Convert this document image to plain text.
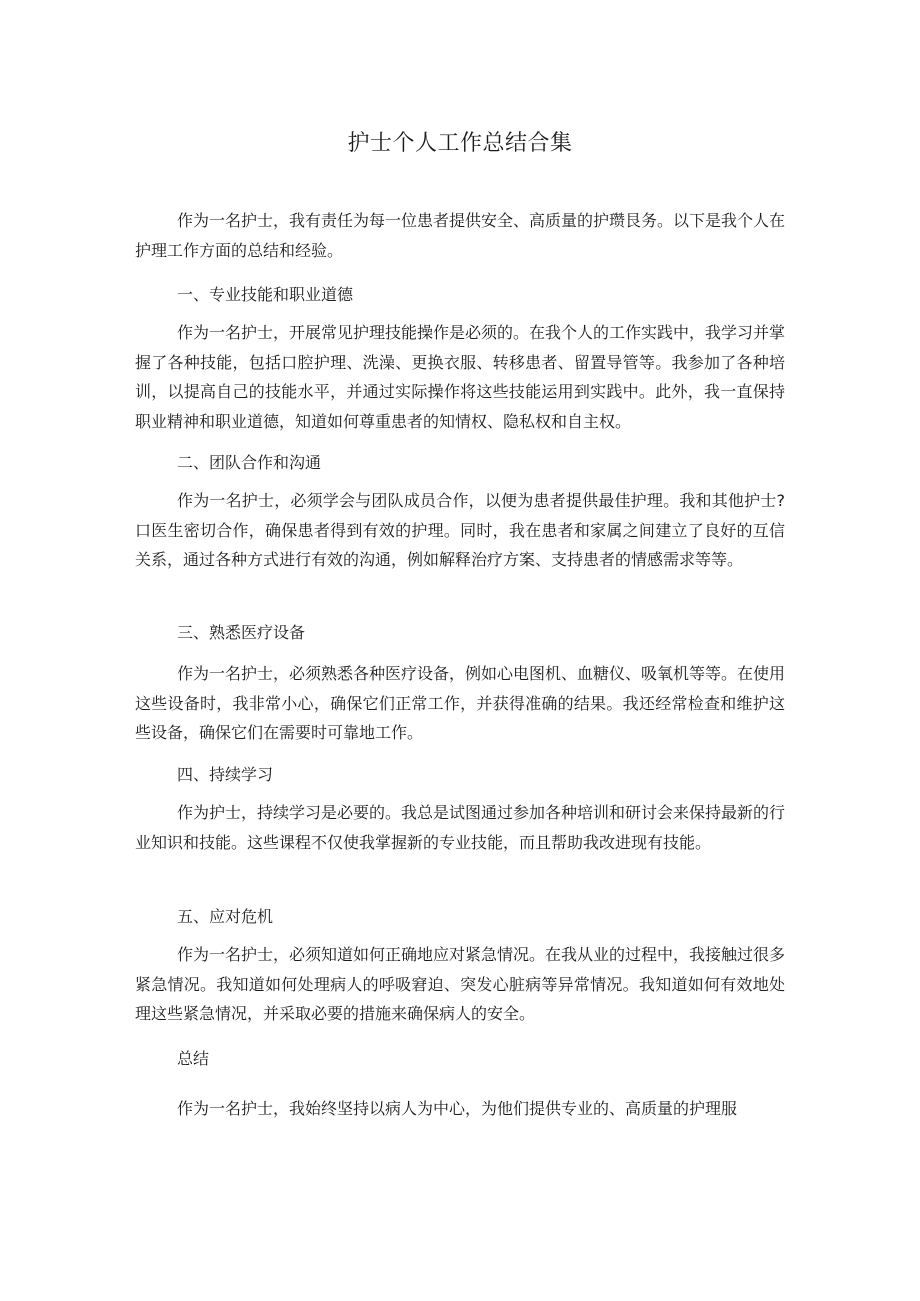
护士个人工作总结合集

作为一名护士，我有责任为每一位患者提供安全、高质量的护瓒艮务。以下是我个人在护理工作方面的总结和经验。

一、专业技能和职业道德

作为一名护士，开展常见护理技能操作是必须的。在我个人的工作实践中，我学习并掌握了各种技能，包括口腔护理、洗澡、更换衣服、转移患者、留置导管等。我参加了各种培训，以提高自己的技能水平，并通过实际操作将这些技能运用到实践中。此外，我一直保持职业精神和职业道德，知道如何尊重患者的知情权、隐私权和自主权。

二、团队合作和沟通

作为一名护士，必须学会与团队成员合作，以便为患者提供最佳护理。我和其他护士?口医生密切合作，确保患者得到有效的护理。同时，我在患者和家属之间建立了良好的互信关系，通过各种方式进行有效的沟通，例如解释治疗方案、支持患者的情感需求等等。

三、熟悉医疗设备

作为一名护士，必须熟悉各种医疗设备，例如心电图机、血糖仪、吸氧机等等。在使用这些设备时，我非常小心，确保它们正常工作，并获得准确的结果。我还经常检查和维护这些设备，确保它们在需要时可靠地工作。

四、持续学习

作为护士，持续学习是必要的。我总是试图通过参加各种培训和研讨会来保持最新的行业知识和技能。这些课程不仅使我掌握新的专业技能，而且帮助我改进现有技能。

五、应对危机

作为一名护士，必须知道如何正确地应对紧急情况。在我从业的过程中，我接触过很多紧急情况。我知道如何处理病人的呼吸窘迫、突发心脏病等异常情况。我知道如何有效地处理这些紧急情况，并采取必要的措施来确保病人的安全。

总结

作为一名护士，我始终坚持以病人为中心，为他们提供专业的、高质量的护理服
